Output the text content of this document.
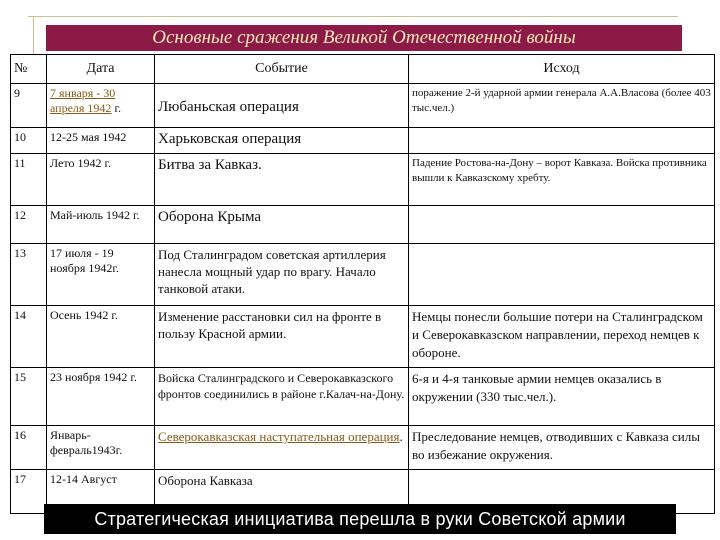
Основные сражения Великой Отечественной войны
№	Дата	Событие	Исход
9	7 января - 30 апреля 1942 г.	Любаньская операция	поражение 2-й ударной армии генерала А.А.Власова (более 403 тыс.чел.)
10	12-25 мая 1942	Харьковская операция	
11	Лето 1942 г.	Битва за Кавказ.	Падение Ростова-на-Дону – ворот Кавказа. Войска противника вышли к Кавказскому хребту.
12	Май-июль 1942 г.	Оборона Крыма	
13	17 июля - 19 ноября 1942г.	Под Сталинградом советская артиллерия нанесла мощный удар по врагу. Начало танковой атаки.	
14	Осень 1942 г.	Изменение расстановки сил на фронте в пользу Красной армии.	Немцы понесли большие потери на Сталинградском и Северокавказском направлении, переход немцев к обороне.
15	23 ноября 1942 г.	Войска Сталинградского и Северокавказского фронтов соединились в районе г.Калач-на-Дону.	6-я и 4-я танковые армии немцев оказались в окружении (330 тыс.чел.).
16	Январь-февраль1943г.	Северокавказская наступательная операция.	Преследование немцев, отводивших с Кавказа силы во избежание окружения.
17	12-14 Август	Оборона Кавказа	
Стратегическая инициатива перешла в руки Советской армии
